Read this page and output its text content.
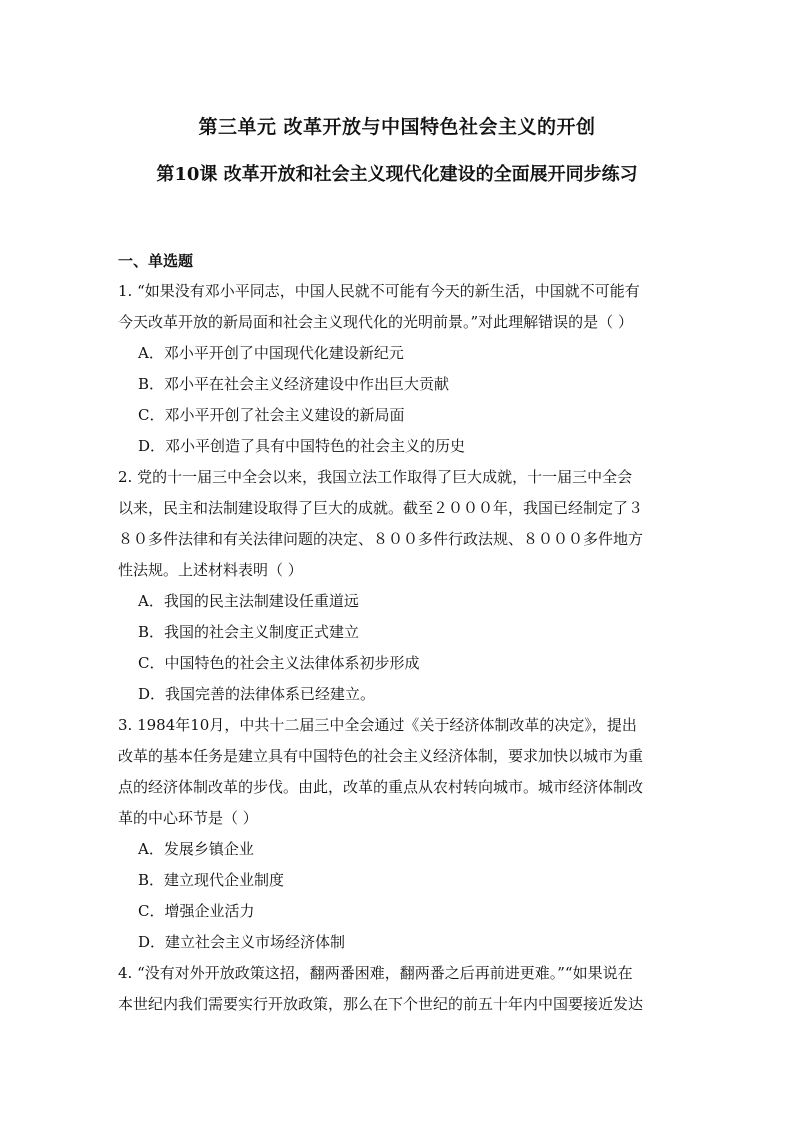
第三单元 改革开放与中国特色社会主义的开创
第10课 改革开放和社会主义现代化建设的全面展开同步练习
一、单选题
1. “如果没有邓小平同志，中国人民就不可能有今天的新生活，中国就不可能有
今天改革开放的新局面和社会主义现代化的光明前景。”对此理解错误的是（ ）
A．邓小平开创了中国现代化建设新纪元
B．邓小平在社会主义经济建设中作出巨大贡献
C．邓小平开创了社会主义建设的新局面
D．邓小平创造了具有中国特色的社会主义的历史
2. 党的十一届三中全会以来，我国立法工作取得了巨大成就，十一届三中全会
以来，民主和法制建设取得了巨大的成就。截至２０００年，我国已经制定了３
８０多件法律和有关法律问题的决定、８００多件行政法规、８０００多件地方
性法规。上述材料表明（ ）
A．我国的民主法制建设任重道远
B．我国的社会主义制度正式建立
C．中国特色的社会主义法律体系初步形成
D．我国完善的法律体系已经建立。
3. 1984年10月，中共十二届三中全会通过《关于经济体制改革的决定》，提出
改革的基本任务是建立具有中国特色的社会主义经济体制，要求加快以城市为重
点的经济体制改革的步伐。由此，改革的重点从农村转向城市。城市经济体制改
革的中心环节是（ ）
A．发展乡镇企业
B．建立现代企业制度
C．增强企业活力
D．建立社会主义市场经济体制
4. “没有对外开放政策这招，翻两番困难，翻两番之后再前进更难。”“如果说在
本世纪内我们需要实行开放政策，那么在下个世纪的前五十年内中国要接近发达
